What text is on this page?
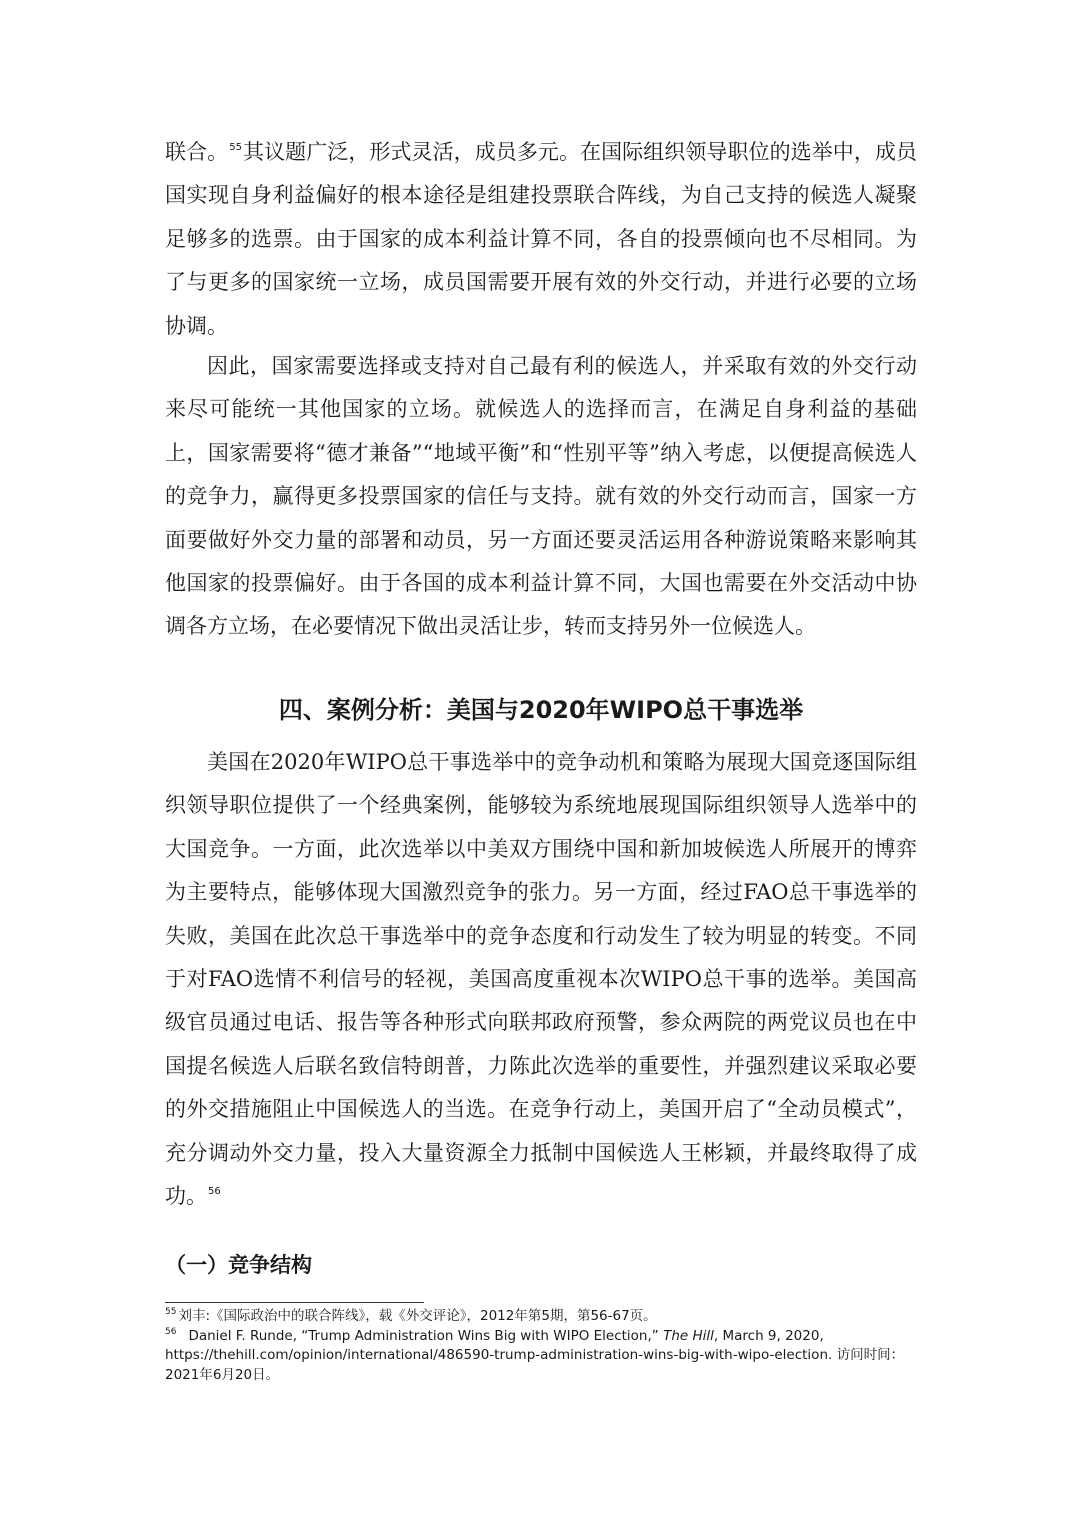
联合。$^{55}$其议题广泛，形式灵活，成员多元。在国际组织领导职位的选举中，成员国实现自身利益偏好的根本途径是组建投票联合阵线，为自己支持的候选人凝聚足够多的选票。由于国家的成本利益计算不同，各自的投票倾向也不尽相同。为了与更多的国家统一立场，成员国需要开展有效的外交行动，并进行必要的立场协调。

因此，国家需要选择或支持对自己最有利的候选人，并采取有效的外交行动来尽可能统一其他国家的立场。就候选人的选择而言，在满足自身利益的基础上，国家需要将“德才兼备”“地域平衡”和“性别平等”纳入考虑，以便提高候选人的竞争力，赢得更多投票国家的信任与支持。就有效的外交行动而言，国家一方面要做好外交力量的部署和动员，另一方面还要灵活运用各种游说策略来影响其他国家的投票偏好。由于各国的成本利益计算不同，大国也需要在外交活动中协调各方立场，在必要情况下做出灵活让步，转而支持另外一位候选人。

四、案例分析：美国与2020年WIPO总干事选举

美国在2020年WIPO总干事选举中的竞争动机和策略为展现大国竞逐国际组织领导职位提供了一个经典案例，能够较为系统地展现国际组织领导人选举中的大国竞争。一方面，此次选举以中美双方围绕中国和新加坡候选人所展开的博弈为主要特点，能够体现大国激烈竞争的张力。另一方面，经过FAO总干事选举的失败，美国在此次总干事选举中的竞争态度和行动发生了较为明显的转变。不同于对FAO选情不利信号的轻视，美国高度重视本次WIPO总干事的选举。美国高级官员通过电话、报告等各种形式向联邦政府预警，参众两院的两党议员也在中国提名候选人后联名致信特朗普，力陈此次选举的重要性，并强烈建议采取必要的外交措施阻止中国候选人的当选。在竞争行动上，美国开启了“全动员模式”，充分调动外交力量，投入大量资源全力抵制中国候选人王彬颖，并最终取得了成功。$^{56}$

（一）竞争结构

$^{55}$ 刘丰:《国际政治中的联合阵线》，载《外交评论》，2012年第5期，第56-67页。

$^{56}$ Daniel F. Runde, “Trump Administration Wins Big with WIPO Election,” The Hill, March 9, 2020,
https://thehill.com/opinion/international/486590-trump-administration-wins-big-with-wipo-election. 访问时间：2021年6月20日。
